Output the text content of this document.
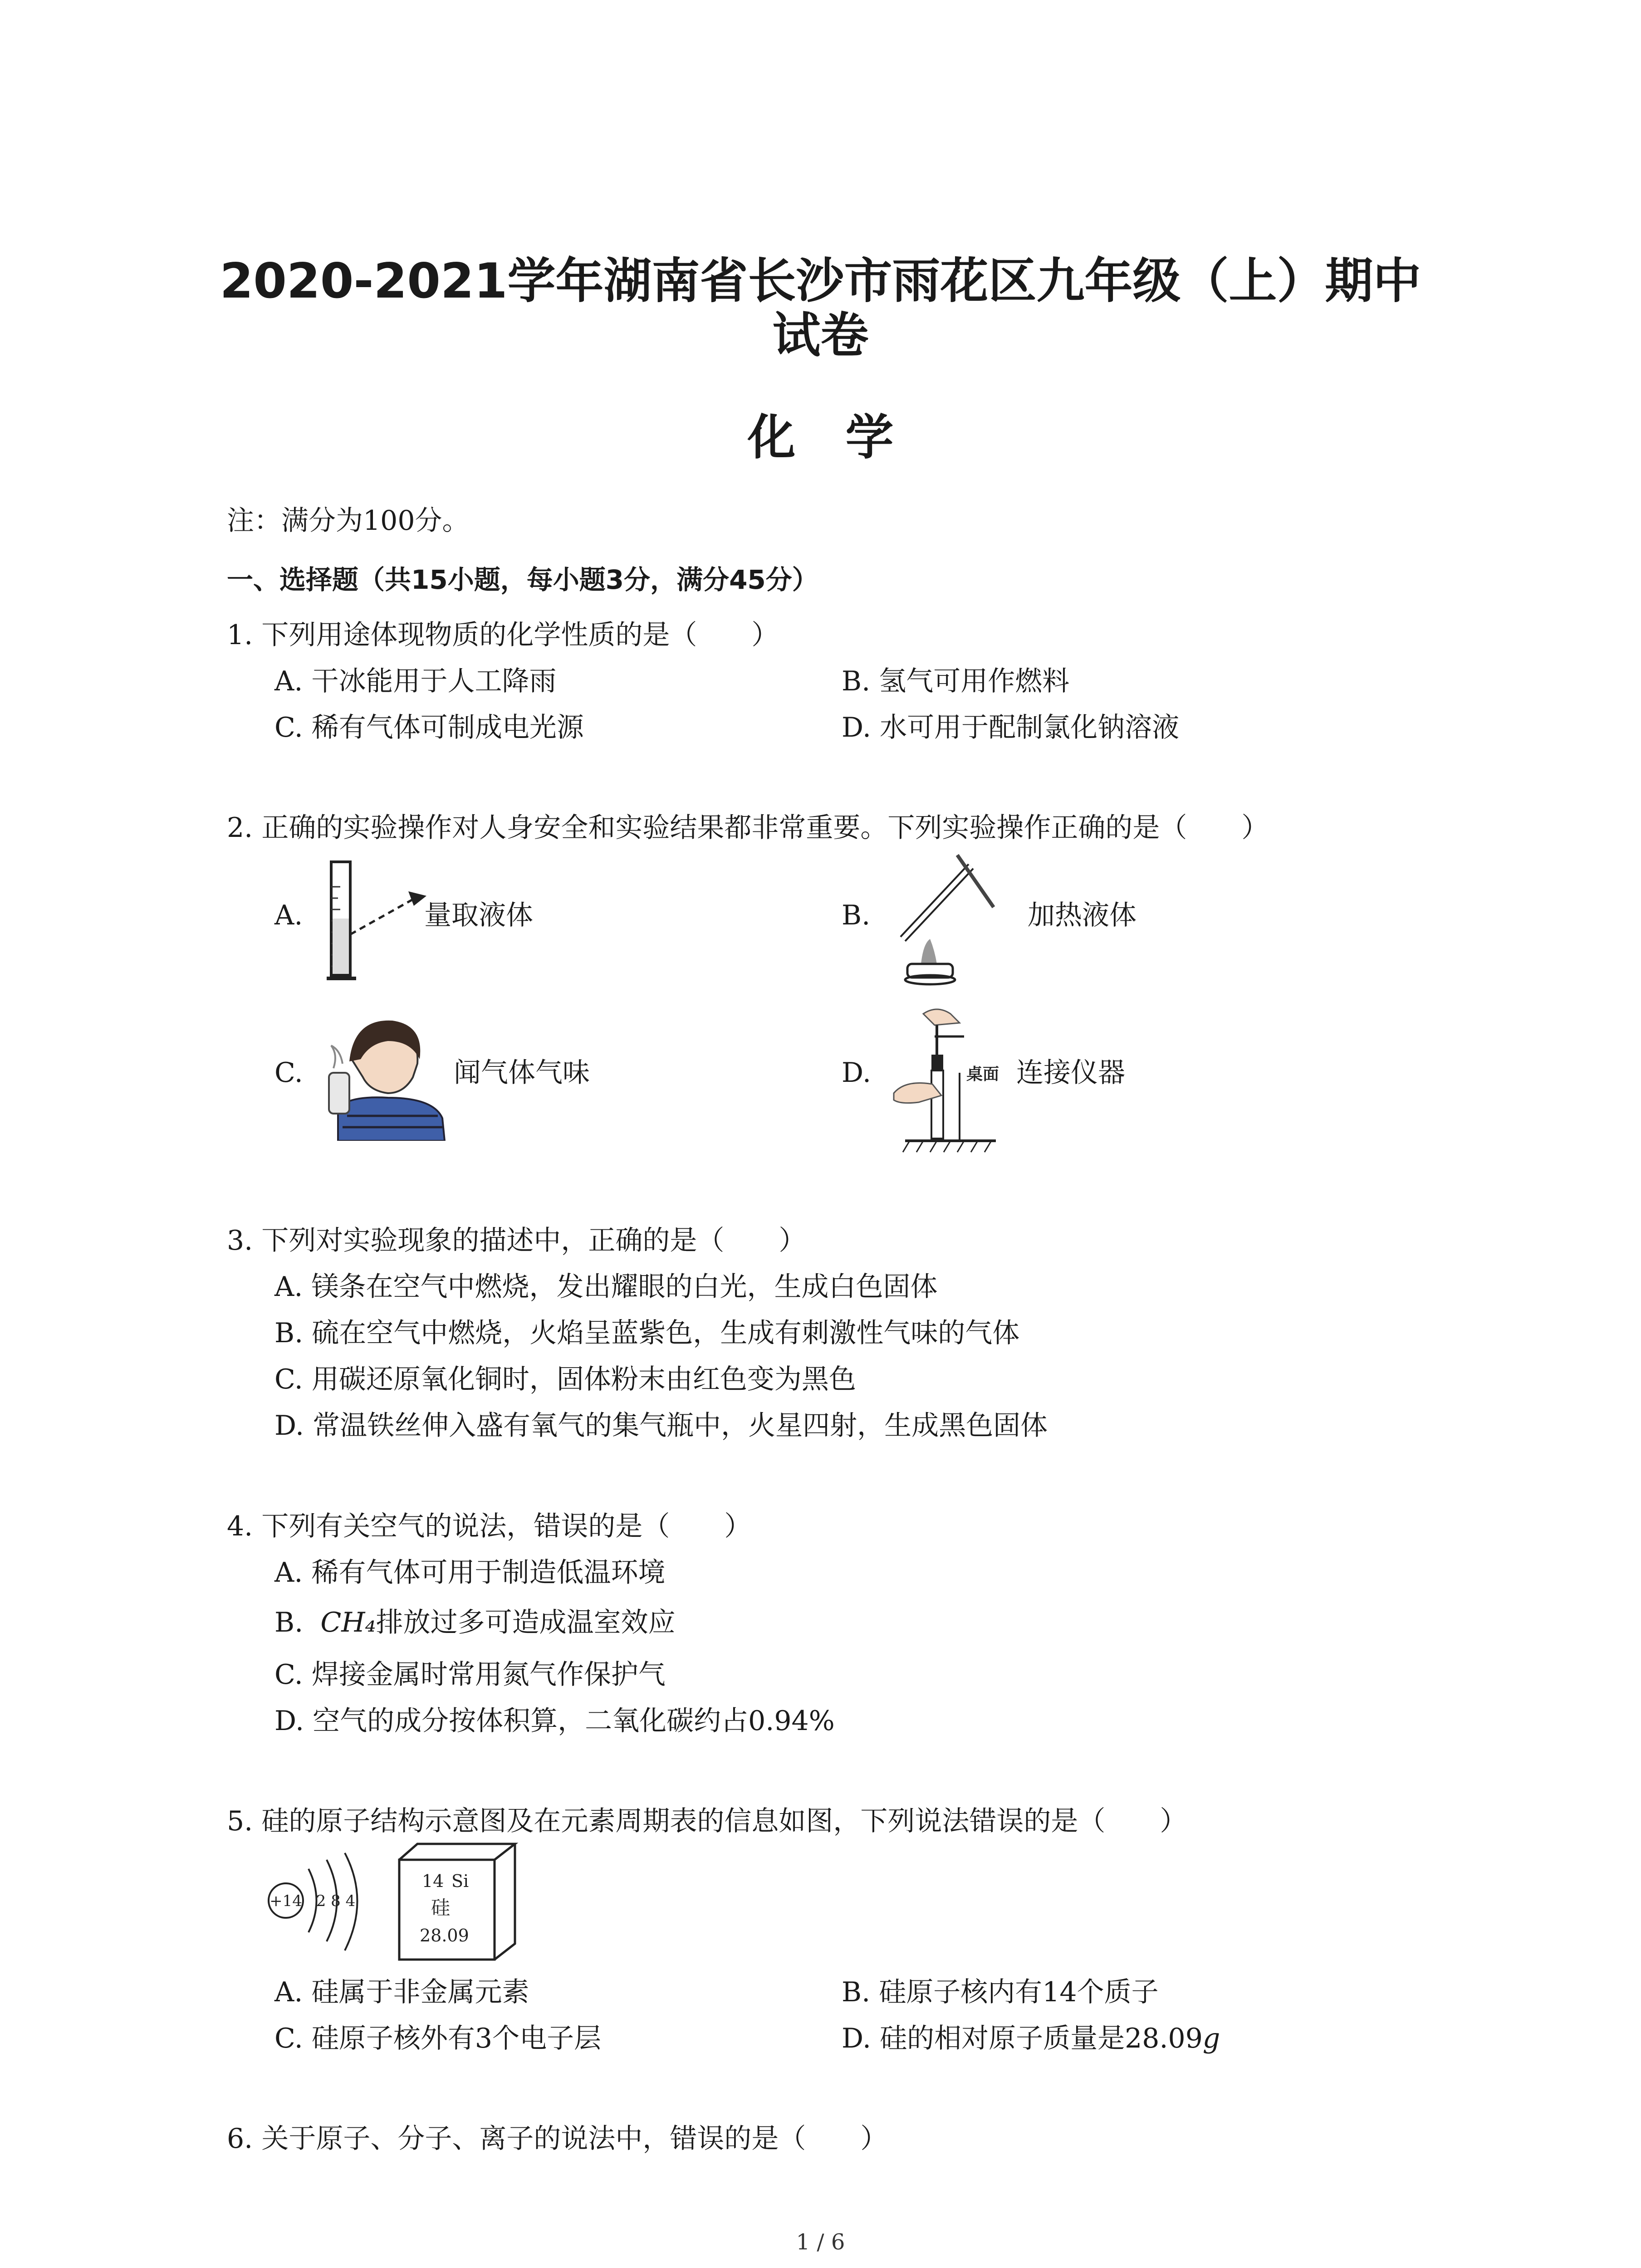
2020-2021学年湖南省长沙市雨花区九年级（上）期中
试卷
化学
注：满分为100分。
一、选择题（共15小题，每小题3分，满分45分）
1. 下列用途体现物质的化学性质的是（　　）
A. 干冰能用于人工降雨	B. 氢气可用作燃料
C. 稀有气体可制成电光源	D. 水可用于配制氯化钠溶液
2. 正确的实验操作对人身安全和实验结果都非常重要。下列实验操作正确的是（　　）
A.	量取液体	B.	加热液体
C.	闻气体气味	D.	桌面 连接仪器
3. 下列对实验现象的描述中，正确的是（　　）
A. 镁条在空气中燃烧，发出耀眼的白光，生成白色固体
B. 硫在空气中燃烧，火焰呈蓝紫色，生成有刺激性气味的气体
C. 用碳还原氧化铜时，固体粉末由红色变为黑色
D. 常温铁丝伸入盛有氧气的集气瓶中，火星四射，生成黑色固体
4. 下列有关空气的说法，错误的是（　　）
A. 稀有气体可用于制造低温环境
B.  CH₄排放过多可造成温室效应
C. 焊接金属时常用氮气作保护气
D. 空气的成分按体积算，二氧化碳约占0.94%
5. 硅的原子结构示意图及在元素周期表的信息如图，下列说法错误的是（　　）
+14 2 8 4
14 Si
硅
28.09
A. 硅属于非金属元素	B. 硅原子核内有14个质子
C. 硅原子核外有3个电子层	D. 硅的相对原子质量是28.09g
6. 关于原子、分子、离子的说法中，错误的是（　　）
1 / 6
